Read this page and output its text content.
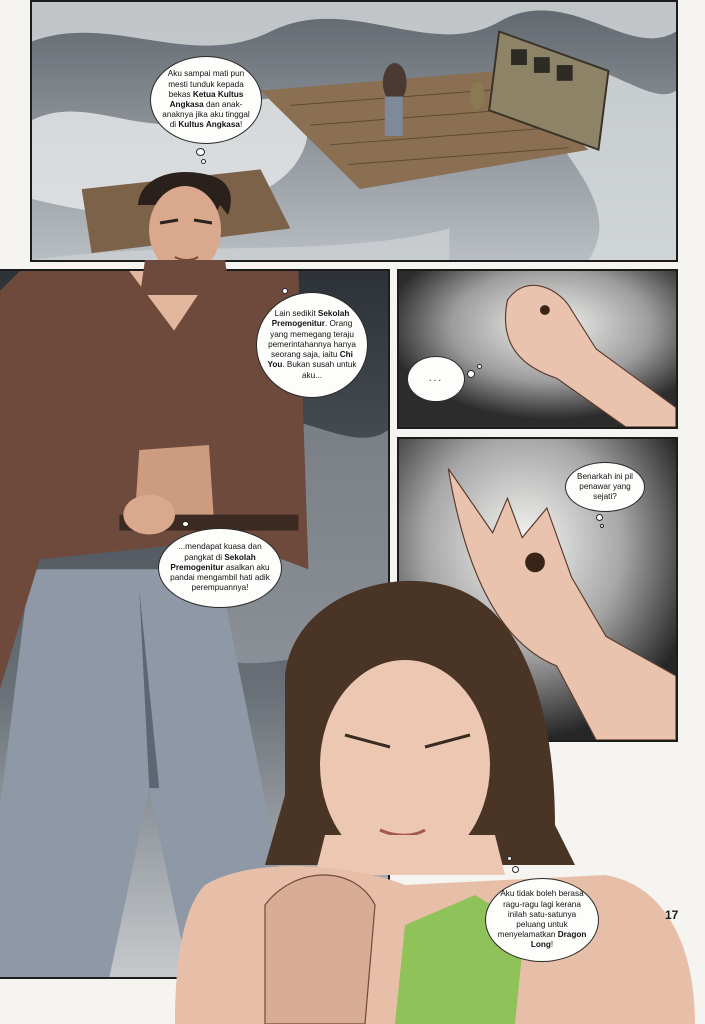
Aku sampai mati pun mesti tunduk kepada bekas Ketua Kultus Angkasa dan anak-anaknya jika aku tinggal di Kultus Angkasa!
Lain sedikit Sekolah Premogenitur. Orang yang memegang teraju pemerintahannya hanya seorang saja, iaitu Chi You. Bukan susah untuk aku...	...
Benarkah ini pil penawar yang sejati?
...mendapat kuasa dan pangkat di Sekolah Premogenitur asalkan aku pandai mengambil hati adik perempuannya!
Aku tidak boleh berasa ragu-ragu lagi kerana inilah satu-satunya peluang untuk menyelamatkan Dragon Long!
17
